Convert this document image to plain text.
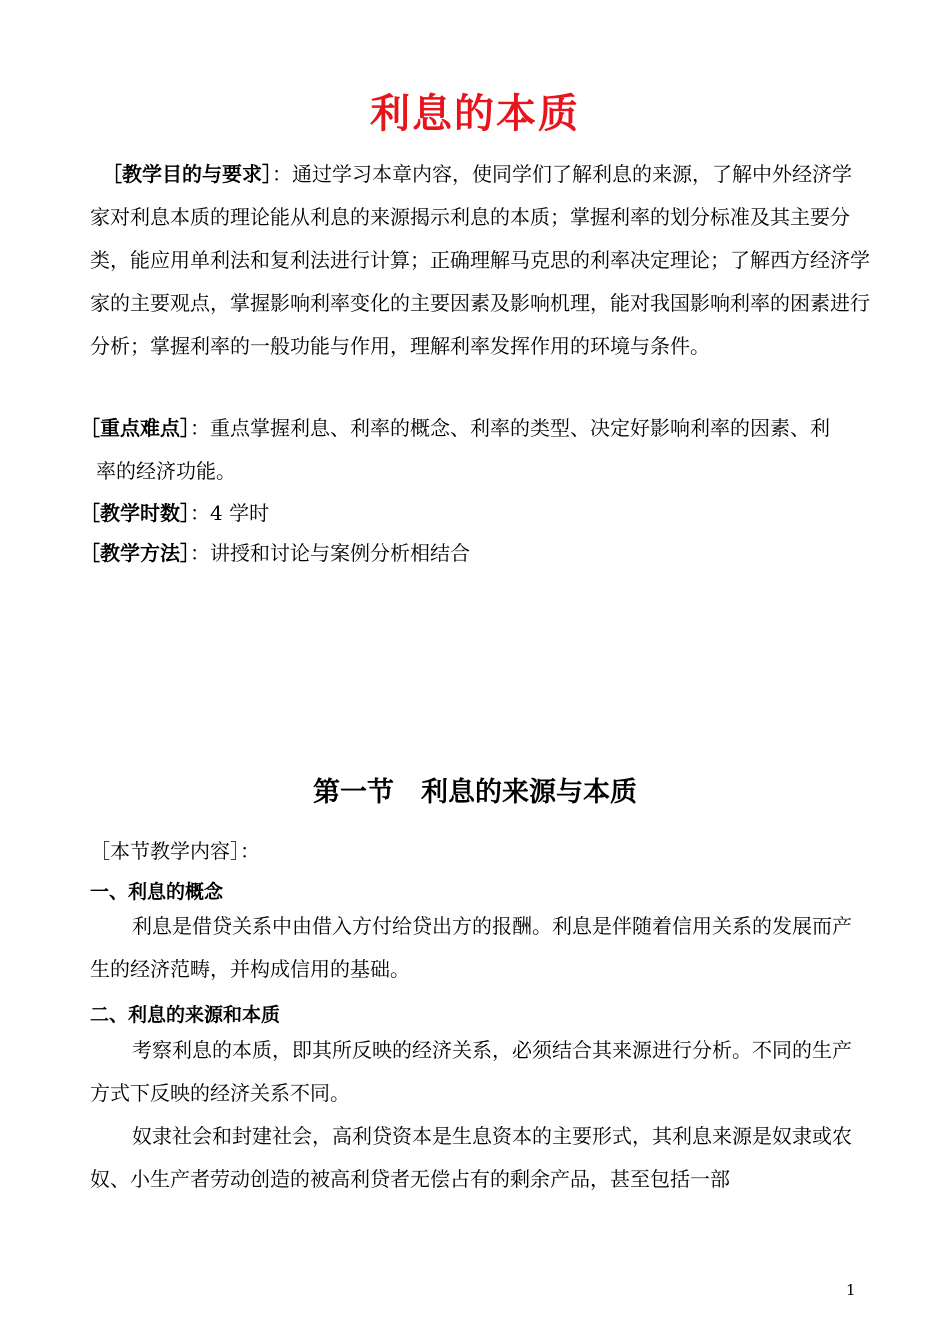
利息的本质

［教学目的与要求］：通过学习本章内容，使同学们了解利息的来源，了解中外经济学家对利息本质的理论能从利息的来源揭示利息的本质；掌握利率的划分标准及其主要分类，能应用单利法和复利法进行计算；正确理解马克思的利率决定理论；了解西方经济学家的主要观点，掌握影响利率变化的主要因素及影响机理，能对我国影响利率的困素进行分析；掌握利率的一般功能与作用，理解利率发挥作用的环境与条件。

［重点难点］：重点掌握利息、利率的概念、利率的类型、决定好影响利率的因素、利
率的经济功能。

［教学时数］：4 学时

［教学方法］：讲授和讨论与案例分析相结合

第一节　利息的来源与本质
［本节教学内容］：
一、利息的概念

利息是借贷关系中由借入方付给贷出方的报酬。利息是伴随着信用关系的发展而产生的经济范畴，并构成信用的基础。

二、利息的来源和本质

考察利息的本质，即其所反映的经济关系，必须结合其来源进行分析。不同的生产方式下反映的经济关系不同。

奴隶社会和封建社会，高利贷资本是生息资本的主要形式，其利息来源是奴隶或农奴、小生产者劳动创造的被高利贷者无偿占有的剩余产品，甚至包括一部

1
